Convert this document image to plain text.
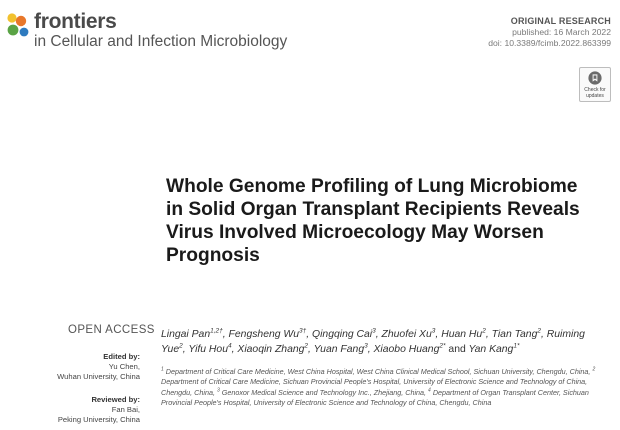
frontiers
in Cellular and Infection Microbiology
ORIGINAL RESEARCH
published: 16 March 2022
doi: 10.3389/fcimb.2022.863399
Check for
updates
Whole Genome Profiling of Lung Microbiome in Solid Organ Transplant Recipients Reveals Virus Involved Microecology May Worsen Prognosis
OPEN ACCESS
Edited by:
Yu Chen,
Wuhan University, China
Reviewed by:
Fan Bai,
Peking University, China
Lingai Pan$^{1,2\dagger}$, Fengsheng $Wu^{3\dagger}$, Qingqing Cai$^3$, Zhuofei Xu$^3$, Huan Hu$^2$, Tian Tang$^2$, Ruiming Yue$^2$, Yifu Hou$^4$, Xiaoqin Zhang$^2$, Yuan Fang$^3$, Xiaobo Huang$^{2*}$ and Yan Kang$^{1*}$
$^1$ Department of Critical Care Medicine, West China Hospital, West China Clinical Medical School, Sichuan University, Chengdu, China, $^2$ Department of Critical Care Medicine, Sichuan Provincial People's Hospital, University of Electronic Science and Technology of China, Chengdu, China, $^3$ Genoxor Medical Science and Technology Inc., Zhejiang, China, $^4$ Department of Organ Transplant Center, Sichuan Provincial People's Hospital, University of Electronic Science and Technology of China, Chengdu, China
